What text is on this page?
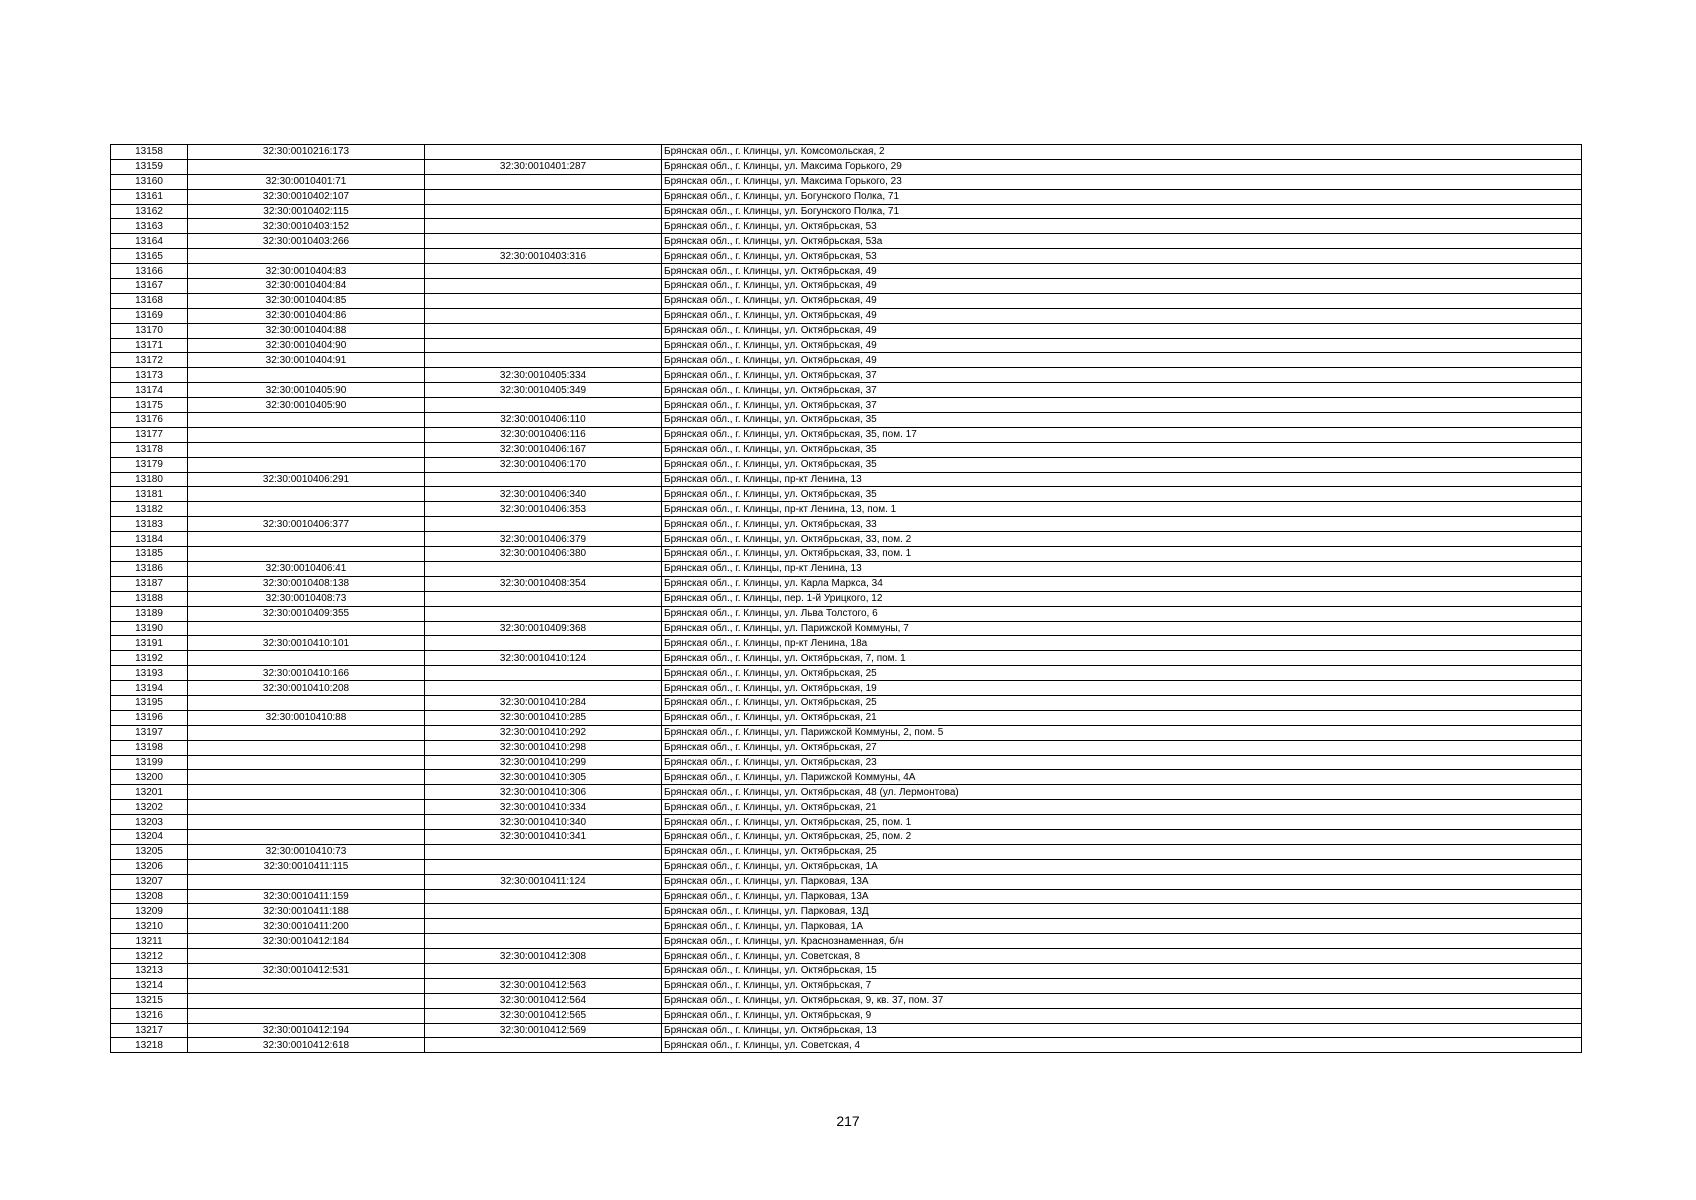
13158	32:30:0010216:173		Брянская обл., г. Клинцы, ул. Комсомольская, 2
13159		32:30:0010401:287	Брянская обл., г. Клинцы, ул. Максима Горького, 29
13160	32:30:0010401:71		Брянская обл., г. Клинцы, ул. Максима Горького, 23
13161	32:30:0010402:107		Брянская обл., г. Клинцы, ул. Богунского Полка, 71
13162	32:30:0010402:115		Брянская обл., г. Клинцы, ул. Богунского Полка, 71
13163	32:30:0010403:152		Брянская обл., г. Клинцы, ул. Октябрьская, 53
13164	32:30:0010403:266		Брянская обл., г. Клинцы, ул. Октябрьская, 53а
13165		32:30:0010403:316	Брянская обл., г. Клинцы, ул. Октябрьская, 53
13166	32:30:0010404:83		Брянская обл., г. Клинцы, ул. Октябрьская, 49
13167	32:30:0010404:84		Брянская обл., г. Клинцы, ул. Октябрьская, 49
13168	32:30:0010404:85		Брянская обл., г. Клинцы, ул. Октябрьская, 49
13169	32:30:0010404:86		Брянская обл., г. Клинцы, ул. Октябрьская, 49
13170	32:30:0010404:88		Брянская обл., г. Клинцы, ул. Октябрьская, 49
13171	32:30:0010404:90		Брянская обл., г. Клинцы, ул. Октябрьская, 49
13172	32:30:0010404:91		Брянская обл., г. Клинцы, ул. Октябрьская, 49
13173		32:30:0010405:334	Брянская обл., г. Клинцы, ул. Октябрьская, 37
13174	32:30:0010405:90	32:30:0010405:349	Брянская обл., г. Клинцы, ул. Октябрьская, 37
13175	32:30:0010405:90		Брянская обл., г. Клинцы, ул. Октябрьская, 37
13176		32:30:0010406:110	Брянская обл., г. Клинцы, ул. Октябрьская, 35
13177		32:30:0010406:116	Брянская обл., г. Клинцы, ул. Октябрьская, 35, пом. 17
13178		32:30:0010406:167	Брянская обл., г. Клинцы, ул. Октябрьская, 35
13179		32:30:0010406:170	Брянская обл., г. Клинцы, ул. Октябрьская, 35
13180	32:30:0010406:291		Брянская обл., г. Клинцы, пр-кт Ленина, 13
13181		32:30:0010406:340	Брянская обл., г. Клинцы, ул. Октябрьская, 35
13182		32:30:0010406:353	Брянская обл., г. Клинцы, пр-кт Ленина, 13, пом. 1
13183	32:30:0010406:377		Брянская обл., г. Клинцы, ул. Октябрьская, 33
13184		32:30:0010406:379	Брянская обл., г. Клинцы, ул. Октябрьская, 33, пом. 2
13185		32:30:0010406:380	Брянская обл., г. Клинцы, ул. Октябрьская, 33, пом. 1
13186	32:30:0010406:41		Брянская обл., г. Клинцы, пр-кт Ленина, 13
13187	32:30:0010408:138	32:30:0010408:354	Брянская обл., г. Клинцы, ул. Карла Маркса, 34
13188	32:30:0010408:73		Брянская обл., г. Клинцы, пер. 1-й Урицкого, 12
13189	32:30:0010409:355		Брянская обл., г. Клинцы, ул. Льва Толстого, 6
13190		32:30:0010409:368	Брянская обл., г. Клинцы, ул. Парижской Коммуны, 7
13191	32:30:0010410:101		Брянская обл., г. Клинцы, пр-кт Ленина, 18а
13192		32:30:0010410:124	Брянская обл., г. Клинцы, ул. Октябрьская, 7, пом. 1
13193	32:30:0010410:166		Брянская обл., г. Клинцы, ул. Октябрьская, 25
13194	32:30:0010410:208		Брянская обл., г. Клинцы, ул. Октябрьская, 19
13195		32:30:0010410:284	Брянская обл., г. Клинцы, ул. Октябрьская, 25
13196	32:30:0010410:88	32:30:0010410:285	Брянская обл., г. Клинцы, ул. Октябрьская, 21
13197		32:30:0010410:292	Брянская обл., г. Клинцы, ул. Парижской Коммуны, 2, пом. 5
13198		32:30:0010410:298	Брянская обл., г. Клинцы, ул. Октябрьская, 27
13199		32:30:0010410:299	Брянская обл., г. Клинцы, ул. Октябрьская, 23
13200		32:30:0010410:305	Брянская обл., г. Клинцы, ул. Парижской Коммуны, 4А
13201		32:30:0010410:306	Брянская обл., г. Клинцы, ул. Октябрьская, 48 (ул. Лермонтова)
13202		32:30:0010410:334	Брянская обл., г. Клинцы, ул. Октябрьская, 21
13203		32:30:0010410:340	Брянская обл., г. Клинцы, ул. Октябрьская, 25, пом. 1
13204		32:30:0010410:341	Брянская обл., г. Клинцы, ул. Октябрьская, 25, пом. 2
13205	32:30:0010410:73		Брянская обл., г. Клинцы, ул. Октябрьская, 25
13206	32:30:0010411:115		Брянская обл., г. Клинцы, ул. Октябрьская, 1А
13207		32:30:0010411:124	Брянская обл., г. Клинцы, ул. Парковая, 13А
13208	32:30:0010411:159		Брянская обл., г. Клинцы, ул. Парковая, 13А
13209	32:30:0010411:188		Брянская обл., г. Клинцы, ул. Парковая, 13Д
13210	32:30:0010411:200		Брянская обл., г. Клинцы, ул. Парковая, 1А
13211	32:30:0010412:184		Брянская обл., г. Клинцы, ул. Краснознаменная, б/н
13212		32:30:0010412:308	Брянская обл., г. Клинцы, ул. Советская, 8
13213	32:30:0010412:531		Брянская обл., г. Клинцы, ул. Октябрьская, 15
13214		32:30:0010412:563	Брянская обл., г. Клинцы, ул. Октябрьская, 7
13215		32:30:0010412:564	Брянская обл., г. Клинцы, ул. Октябрьская, 9, кв. 37, пом. 37
13216		32:30:0010412:565	Брянская обл., г. Клинцы, ул. Октябрьская, 9
13217	32:30:0010412:194	32:30:0010412:569	Брянская обл., г. Клинцы, ул. Октябрьская, 13
13218	32:30:0010412:618		Брянская обл., г. Клинцы, ул. Советская, 4
217
